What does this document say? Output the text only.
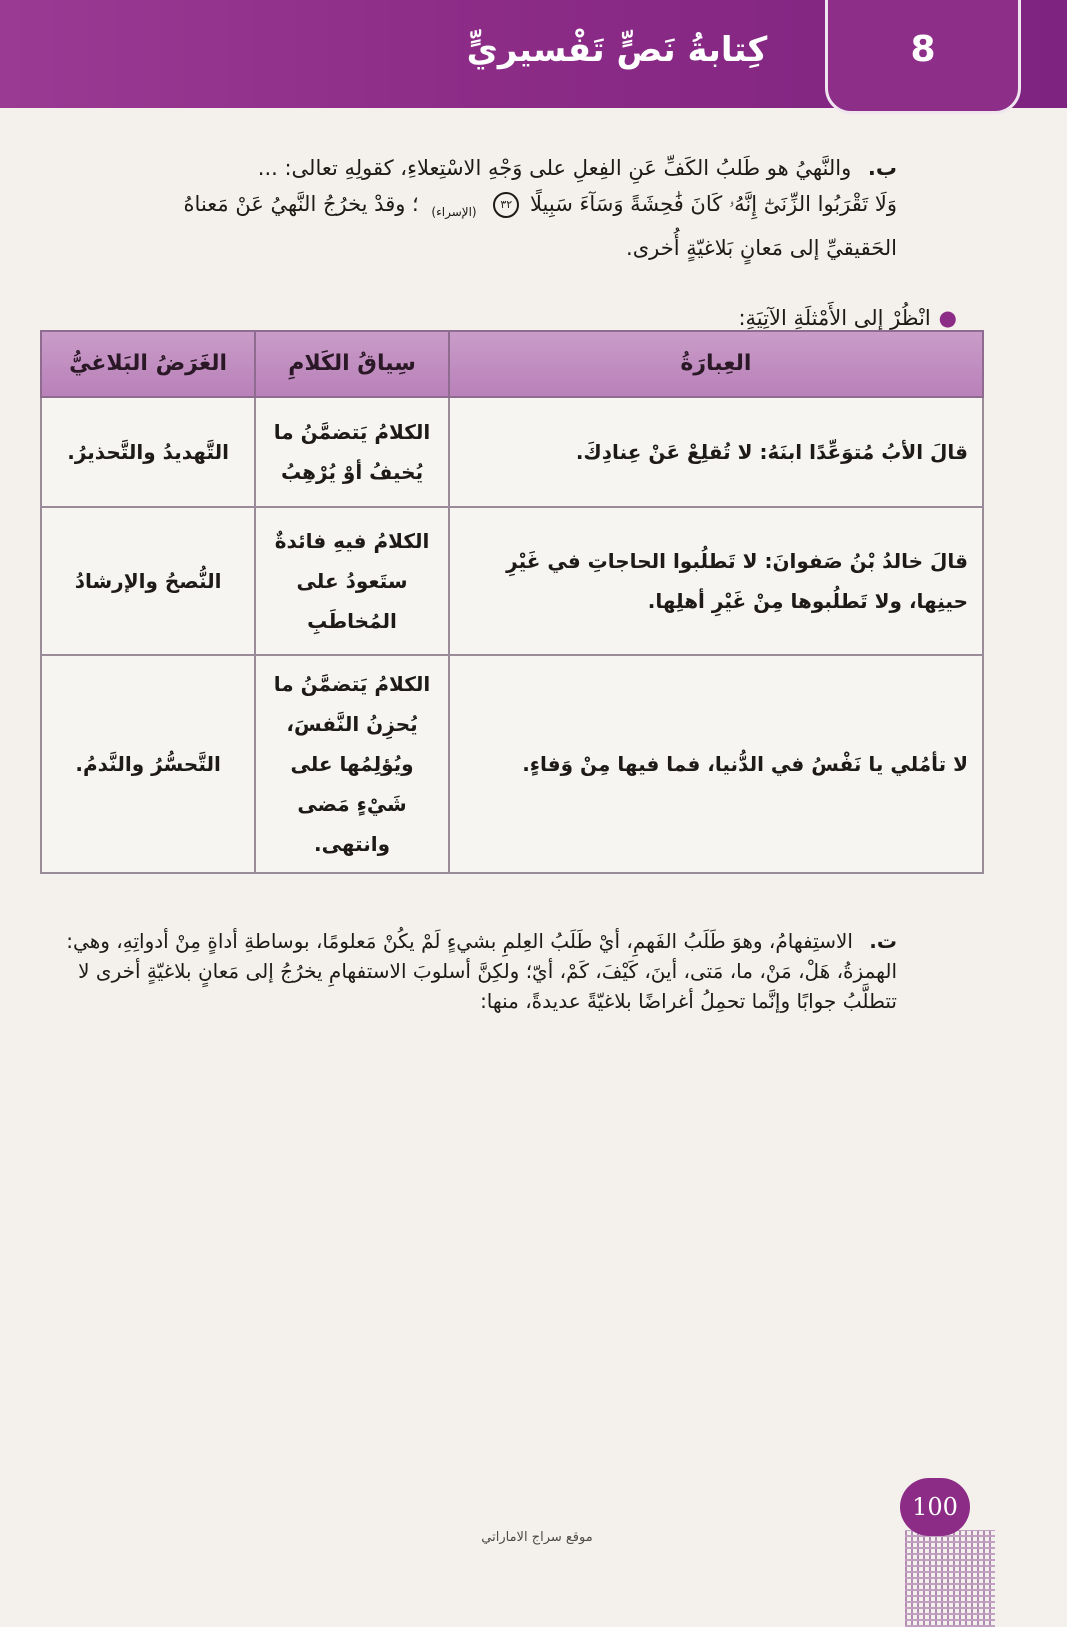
كِتابةُ نَصٍّ تَفْسيريٍّ	8
ب. والنَّهيُ هو طَلبُ الكَفِّ عَنِ الفِعلِ على وَجْهِ الاسْتِعلاءِ، كقولِهِ تعالى: ...
وَلَا تَقْرَبُوا الزِّنَىٰٓ إِنَّهُۥ كَانَ فَٰحِشَةً وَسَآءَ سَبِيلًا ٣٢ $_{(الإسراء)}$ ؛ وقدْ يخرُجُ النَّهيُ عَنْ مَعناهُ
الحَقيقيِّ إلى مَعانٍ بَلاغيّةٍ أُخرى.
●انْظُرْ إلى الأَمْثلَةِ الآتِيَةِ:
العِبارَةُ	سِياقُ الكَلامِ	الغَرَضُ البَلاغيُّ
قالَ الأبُ مُتوَعِّدًا ابنَهُ: لا تُقلِعْ عَنْ عِنادِكَ.	الكلامُ يَتضمَّنُ ما يُخيفُ أوْ يُرْهِبُ	التَّهديدُ والتَّحذيرُ.
قالَ خالدُ بْنُ صَفوانَ: لا تَطلُبوا الحاجاتِ في غَيْرِ حينِها، ولا تَطلُبوها مِنْ غَيْرِ أهلِها.	الكلامُ فيهِ فائدةٌ ستَعودُ على المُخاطَبِ	النُّصحُ والإرشادُ
لا تأمُلي يا نَفْسُ في الدُّنيا، فما فيها مِنْ وَفاءٍ.	الكلامُ يَتضمَّنُ ما يُحزِنُ النَّفسَ، ويُؤلِمُها على شَيْءٍ مَضى وانتهى.	التَّحسُّرُ والنَّدمُ.
ت. الاستِفهامُ، وهوَ طَلَبُ الفَهمِ، أيْ طَلَبُ العِلمِ بشيءٍ لَمْ يكُنْ مَعلومًا، بوساطةِ أداةٍ مِنْ أدواتِهِ، وهي: الهمزةُ، هَلْ، مَنْ، ما، مَتى، أينَ، كَيْفَ، كَمْ، أيّ؛ ولكِنَّ أسلوبَ الاستفهامِ يخرُجُ إلى مَعانٍ بلاغيّةٍ أخرى لا تتطلَّبُ جوابًا وإنَّما تحمِلُ أغراضًا بلاغيّةً عديدةً، منها:
موقع سراج الاماراتي
100
